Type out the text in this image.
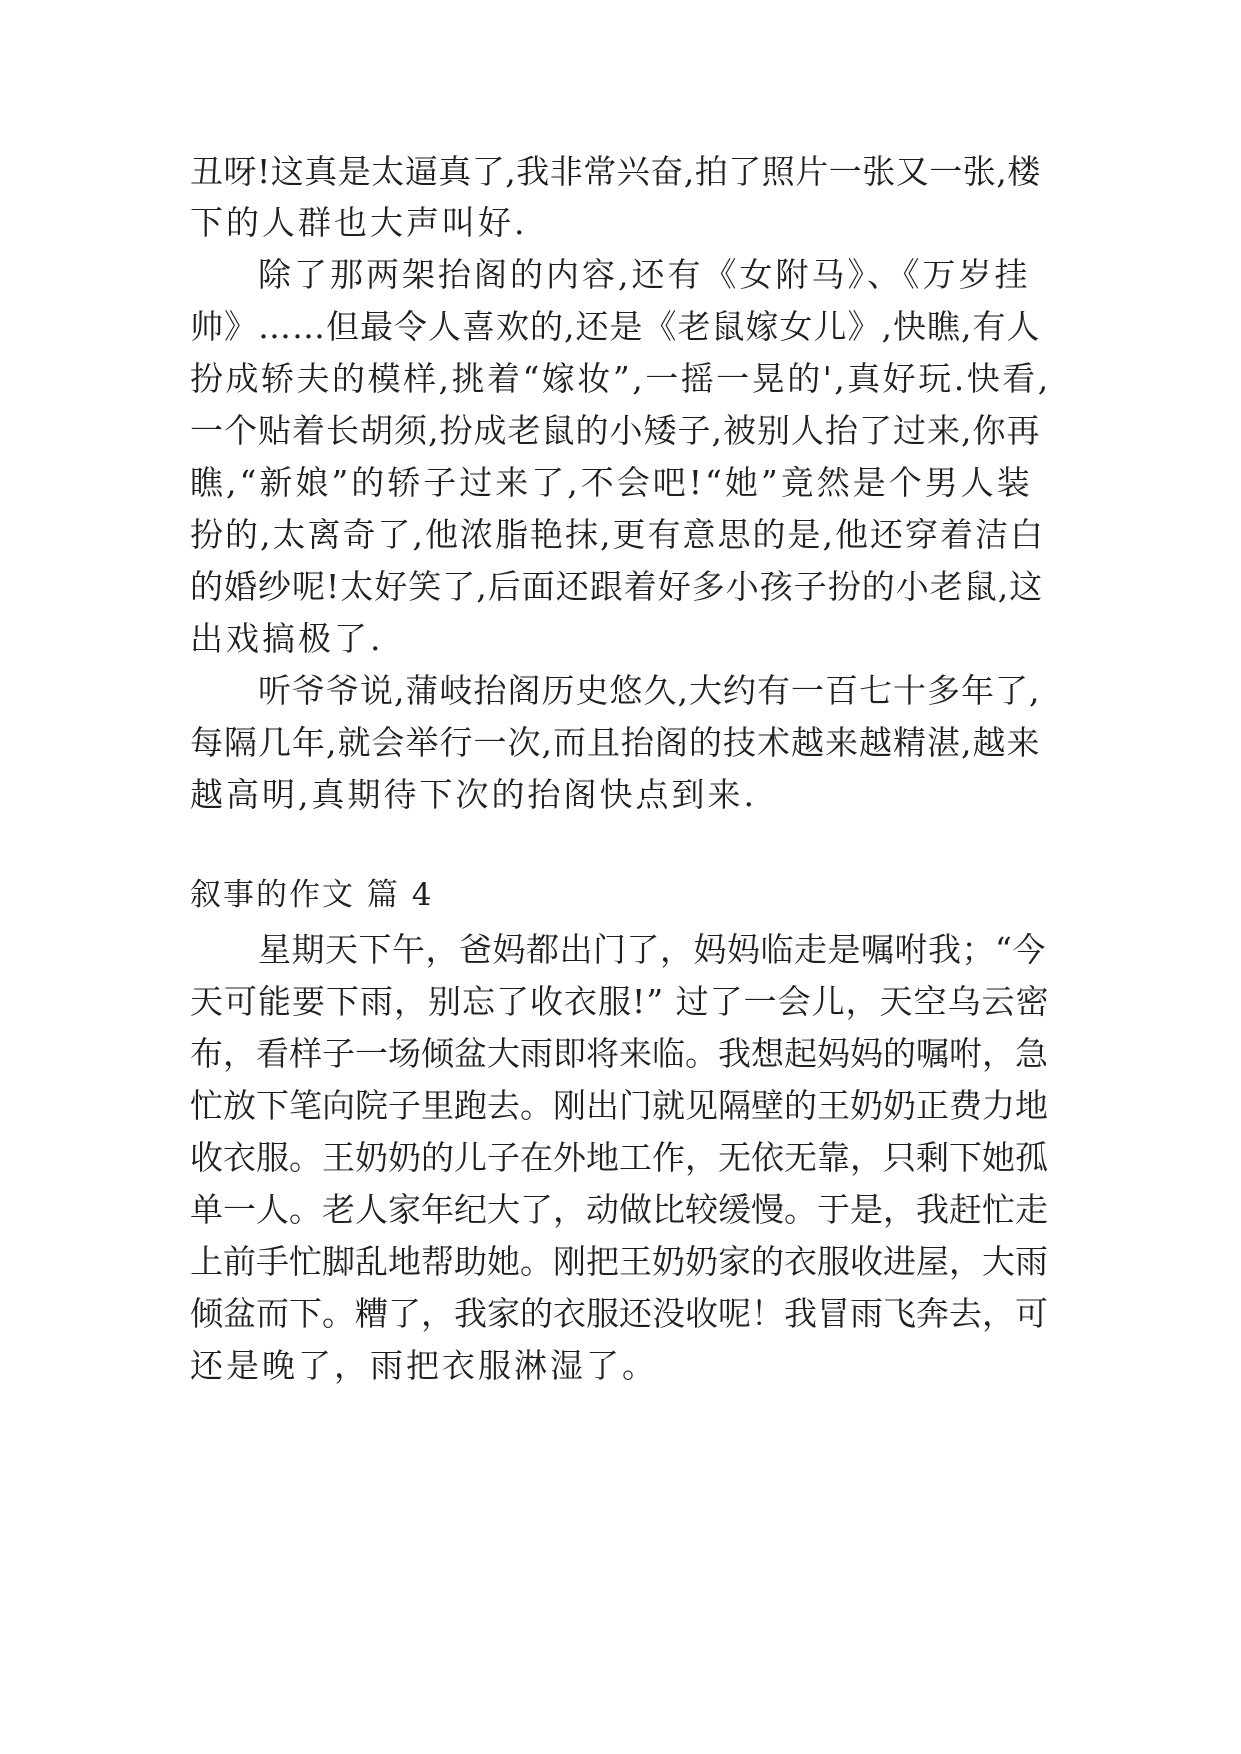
丑呀!这真是太逼真了,我非常兴奋,拍了照片一张又一张,楼
下的人群也大声叫好.
除了那两架抬阁的内容,还有《女附马》、《万岁挂
帅》……但最令人喜欢的,还是《老鼠嫁女儿》,快瞧,有人
扮成轿夫的模样,挑着“嫁妆”,一摇一晃的',真好玩.快看,
一个贴着长胡须,扮成老鼠的小矮子,被别人抬了过来,你再
瞧,“新娘”的轿子过来了,不会吧!“她”竟然是个男人装
扮的,太离奇了,他浓脂艳抹,更有意思的是,他还穿着洁白
的婚纱呢!太好笑了,后面还跟着好多小孩子扮的小老鼠,这
出戏搞极了.
听爷爷说,蒲岐抬阁历史悠久,大约有一百七十多年了,
每隔几年,就会举行一次,而且抬阁的技术越来越精湛,越来
越高明,真期待下次的抬阁快点到来.
叙事的作文 篇 4
星期天下午，爸妈都出门了，妈妈临走是嘱咐我；“今
天可能要下雨，别忘了收衣服!” 过了一会儿，天空乌云密
布，看样子一场倾盆大雨即将来临。我想起妈妈的嘱咐，急
忙放下笔向院子里跑去。刚出门就见隔壁的王奶奶正费力地
收衣服。王奶奶的儿子在外地工作，无依无靠，只剩下她孤
单一人。老人家年纪大了，动做比较缓慢。于是，我赶忙走
上前手忙脚乱地帮助她。刚把王奶奶家的衣服收进屋，大雨
倾盆而下。糟了，我家的衣服还没收呢！我冒雨飞奔去，可
还是晚了，雨把衣服淋湿了。
